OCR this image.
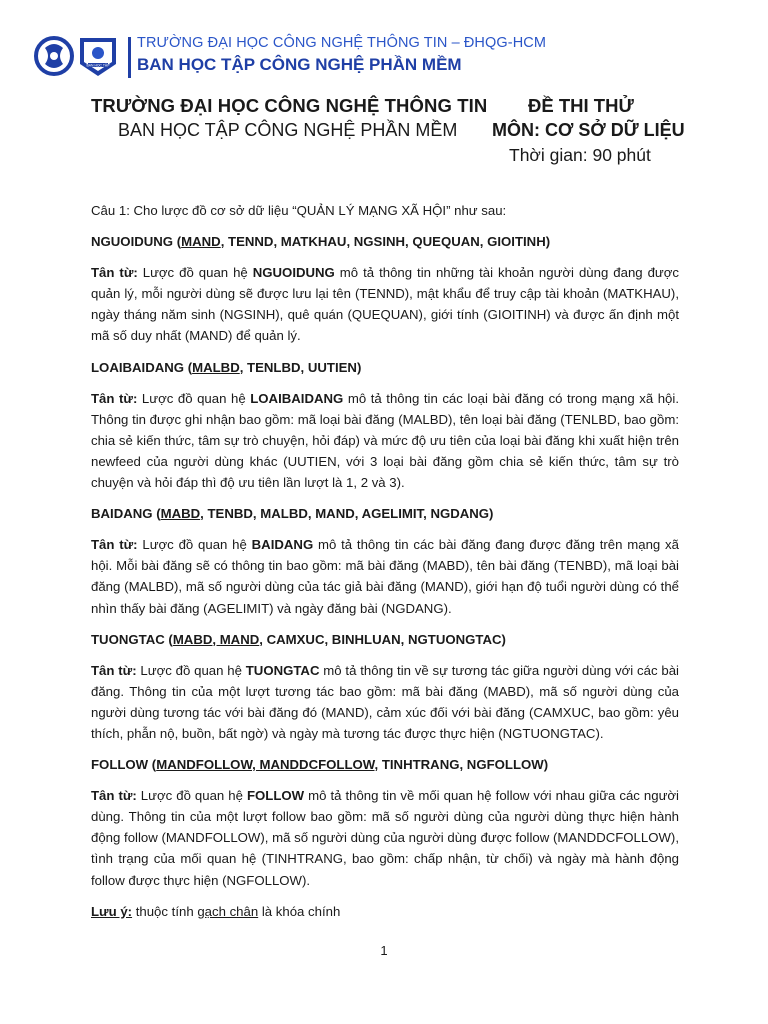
BAN HỌC TẬP
TRƯỜNG ĐẠI HỌC CÔNG NGHỆ THÔNG TIN – ĐHQG-HCM
BAN HỌC TẬP CÔNG NGHỆ PHẦN MỀM
TRƯỜNG ĐẠI HỌC CÔNG NGHỆ THÔNG TIN
BAN HỌC TẬP CÔNG NGHỆ PHẦN MỀM
ĐỀ THI THỬ
MÔN: CƠ SỞ DỮ LIỆU
Thời gian: 90 phút

Câu 1: Cho lược đồ cơ sở dữ liệu “QUẢN LÝ MẠNG XÃ HỘI” như sau:

NGUOIDUNG (MAND, TENND, MATKHAU, NGSINH, QUEQUAN, GIOITINH)

Tân từ: Lược đồ quan hệ NGUOIDUNG mô tả thông tin những tài khoản người dùng đang được quản lý, mỗi người dùng sẽ được lưu lại tên (TENND), mật khẩu để truy cập tài khoản (MATKHAU), ngày tháng năm sinh (NGSINH), quê quán (QUEQUAN), giới tính (GIOITINH) và được ấn định một mã số duy nhất (MAND) để quản lý.

LOAIBAIDANG (MALBD, TENLBD, UUTIEN)

Tân từ: Lược đồ quan hệ LOAIBAIDANG mô tả thông tin các loại bài đăng có trong mạng xã hội. Thông tin được ghi nhận bao gồm: mã loại bài đăng (MALBD), tên loại bài đăng (TENLBD, bao gồm: chia sẻ kiến thức, tâm sự trò chuyện, hỏi đáp) và mức độ ưu tiên của loại bài đăng khi xuất hiện trên newfeed của người dùng khác (UUTIEN, với 3 loại bài đăng gồm chia sẻ kiến thức, tâm sự trò chuyện và hỏi đáp thì độ ưu tiên lần lượt là 1, 2 và 3).

BAIDANG (MABD, TENBD, MALBD, MAND, AGELIMIT, NGDANG)

Tân từ: Lược đồ quan hệ BAIDANG mô tả thông tin các bài đăng đang được đăng trên mạng xã hội. Mỗi bài đăng sẽ có thông tin bao gồm: mã bài đăng (MABD), tên bài đăng (TENBD), mã loại bài đăng (MALBD), mã số người dùng của tác giả bài đăng (MAND), giới hạn độ tuổi người dùng có thể nhìn thấy bài đăng (AGELIMIT) và ngày đăng bài (NGDANG).

TUONGTAC (MABD, MAND, CAMXUC, BINHLUAN, NGTUONGTAC)

Tân từ: Lược đồ quan hệ TUONGTAC mô tả thông tin về sự tương tác giữa người dùng với các bài đăng. Thông tin của một lượt tương tác bao gồm: mã bài đăng (MABD), mã số người dùng của người dùng tương tác với bài đăng đó (MAND), cảm xúc đối với bài đăng (CAMXUC, bao gồm: yêu thích, phẫn nộ, buồn, bất ngờ) và ngày mà tương tác được thực hiện (NGTUONGTAC).

FOLLOW (MANDFOLLOW, MANDDCFOLLOW, TINHTRANG, NGFOLLOW)

Tân từ: Lược đồ quan hệ FOLLOW mô tả thông tin về mối quan hệ follow với nhau giữa các người dùng. Thông tin của một lượt follow bao gồm: mã số người dùng của người dùng thực hiện hành động follow (MANDFOLLOW), mã số người dùng của người dùng được follow (MANDDCFOLLOW), tình trạng của mối quan hệ (TINHTRANG, bao gồm: chấp nhận, từ chối) và ngày mà hành động follow được thực hiện (NGFOLLOW).

Lưu ý: thuộc tính gạch chân là khóa chính

1
